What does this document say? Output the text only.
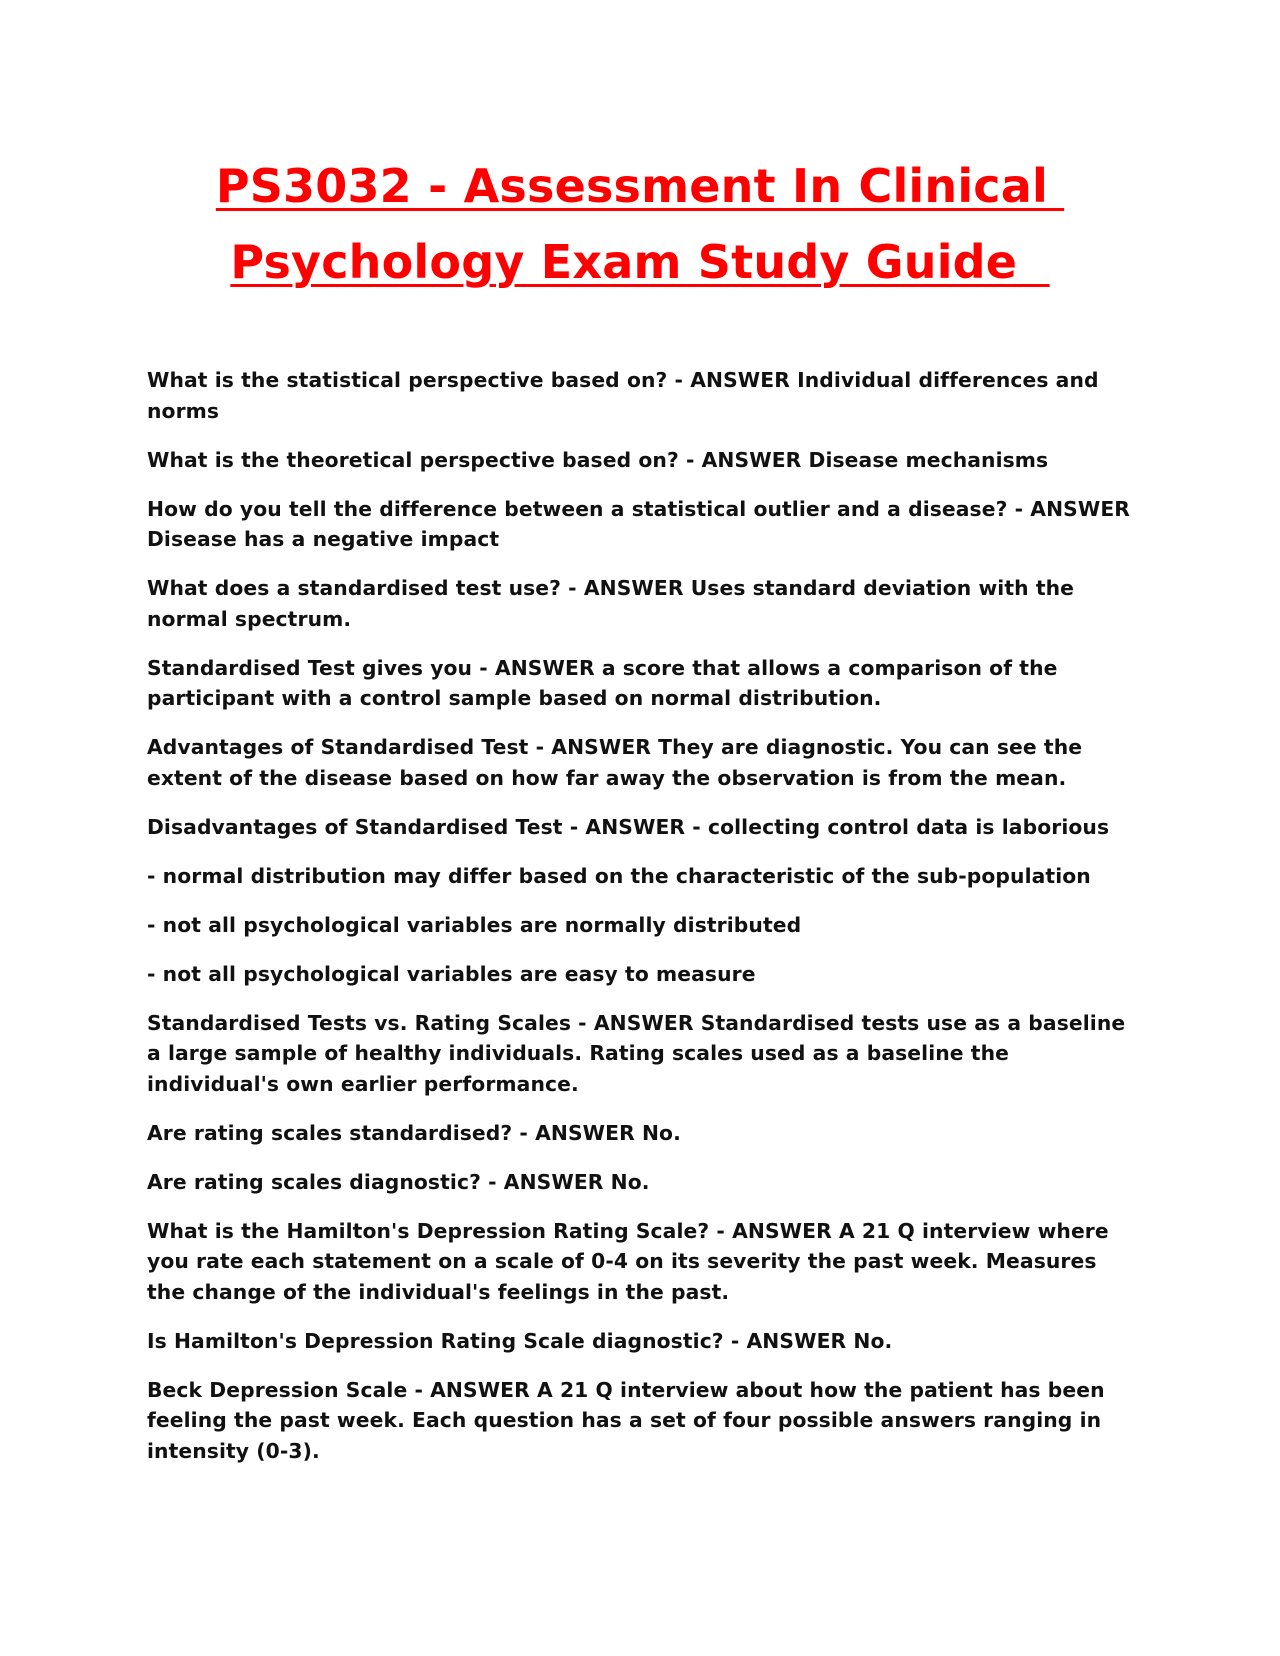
PS3032 - Assessment In Clinical
Psychology Exam Study Guide

What is the statistical perspective based on? - ANSWER Individual differences and norms

What is the theoretical perspective based on? - ANSWER Disease mechanisms

How do you tell the difference between a statistical outlier and a disease? - ANSWER Disease has a negative impact

What does a standardised test use? - ANSWER Uses standard deviation with the normal spectrum.

Standardised Test gives you - ANSWER a score that allows a comparison of the participant with a control sample based on normal distribution.

Advantages of Standardised Test - ANSWER They are diagnostic. You can see the extent of the disease based on how far away the observation is from the mean.

Disadvantages of Standardised Test - ANSWER - collecting control data is laborious

- normal distribution may differ based on the characteristic of the sub-population

- not all psychological variables are normally distributed

- not all psychological variables are easy to measure

Standardised Tests vs. Rating Scales - ANSWER Standardised tests use as a baseline a large sample of healthy individuals. Rating scales used as a baseline the individual's own earlier performance.

Are rating scales standardised? - ANSWER No.

Are rating scales diagnostic? - ANSWER No.

What is the Hamilton's Depression Rating Scale? - ANSWER A 21 Q interview where you rate each statement on a scale of 0-4 on its severity the past week. Measures the change of the individual's feelings in the past.

Is Hamilton's Depression Rating Scale diagnostic? - ANSWER No.

Beck Depression Scale - ANSWER A 21 Q interview about how the patient has been feeling the past week. Each question has a set of four possible answers ranging in intensity (0-3).
